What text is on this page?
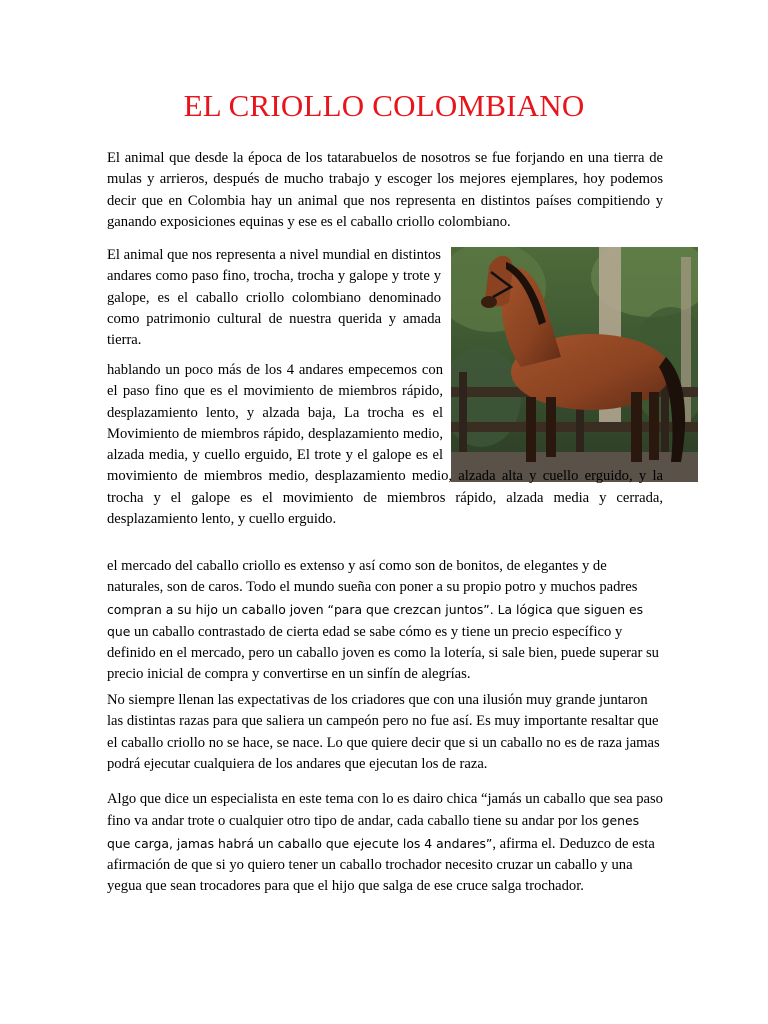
EL CRIOLLO COLOMBIANO

El animal que desde la época de los tatarabuelos de nosotros se fue forjando en una tierra de mulas y arrieros, después de mucho trabajo y escoger los mejores ejemplares, hoy podemos decir que en Colombia hay un animal que nos representa en distintos países compitiendo y ganando exposiciones equinas y ese es el caballo criollo colombiano.

El animal que nos representa a nivel mundial en distintos andares como paso fino, trocha, trocha y galope y trote y galope, es el caballo criollo colombiano denominado como patrimonio cultural de nuestra querida y amada tierra.

hablando un poco más de los 4 andares empecemos con el paso fino que es el movimiento de miembros rápido, desplazamiento lento, y alzada baja, La trocha es el Movimiento de miembros rápido, desplazamiento medio, alzada media, y cuello erguido, El trote y el galope es el movimiento de miembros medio, desplazamiento medio, alzada alta y cuello erguido, y la trocha y el galope es el movimiento de miembros rápido, alzada media y cerrada, desplazamiento lento, y cuello erguido.

el mercado del caballo criollo es extenso y así como son de bonitos, de elegantes y de naturales, son de caros. Todo el mundo sueña con poner a su propio potro y muchos padres compran a su hijo un caballo joven “para que crezcan juntos”. La lógica que siguen es que un caballo contrastado de cierta edad se sabe cómo es y tiene un precio específico y definido en el mercado, pero un caballo joven es como la lotería, si sale bien, puede superar su precio inicial de compra y convertirse en un sinfín de alegrías.

No siempre llenan las expectativas de los criadores que con una ilusión muy grande juntaron las distintas razas para que saliera un campeón pero no fue así. Es muy importante resaltar que el caballo criollo no se hace, se nace. Lo que quiere decir que si un caballo no es de raza jamas podrá ejecutar cualquiera de los andares que ejecutan los de raza.

Algo que dice un especialista en este tema con lo es dairo chica “jamás un caballo que sea paso fino va andar trote o cualquier otro tipo de andar, cada caballo tiene su andar por los genes que carga, jamas habrá un caballo que ejecute los 4 andares”, afirma el. Deduzco de esta afirmación de que si yo quiero tener un caballo trochador necesito cruzar un caballo y una yegua que sean trocadores para que el hijo que salga de ese cruce salga trochador.
